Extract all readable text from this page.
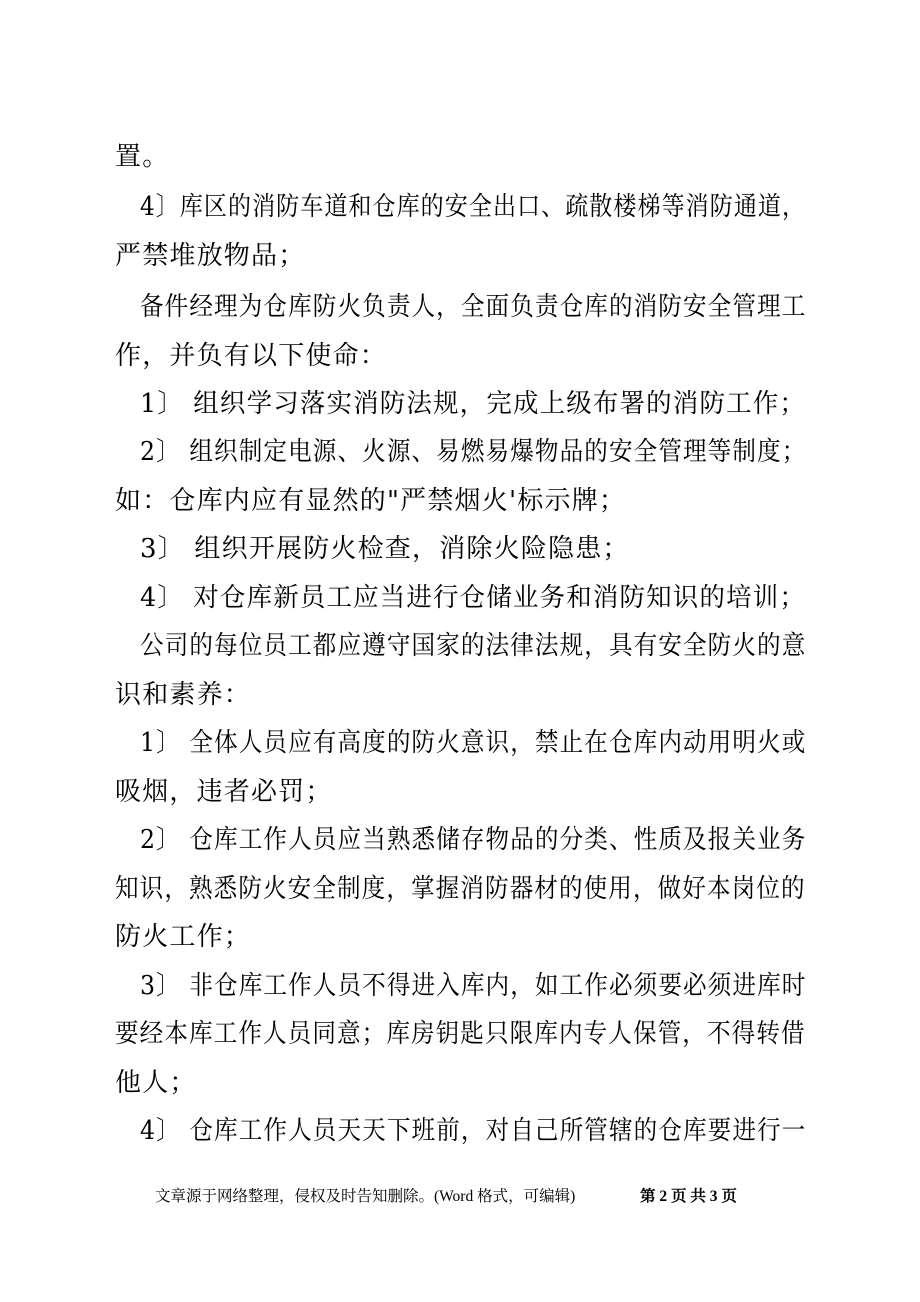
置。
4〕库区的消防车道和仓库的安全出口、疏散楼梯等消防通道，
严禁堆放物品；
备件经理为仓库防火负责人，全面负责仓库的消防安全管理工
作，并负有以下使命：
1〕 组织学习落实消防法规，完成上级布署的消防工作；
2〕 组织制定电源、火源、易燃易爆物品的安全管理等制度；
如：仓库内应有显然的"严禁烟火'标示牌；
3〕 组织开展防火检查，消除火险隐患；
4〕 对仓库新员工应当进行仓储业务和消防知识的培训；
公司的每位员工都应遵守国家的法律法规，具有安全防火的意
识和素养：
1〕 全体人员应有高度的防火意识，禁止在仓库内动用明火或
吸烟，违者必罚；
2〕 仓库工作人员应当熟悉储存物品的分类、性质及报关业务
知识，熟悉防火安全制度，掌握消防器材的使用，做好本岗位的
防火工作；
3〕 非仓库工作人员不得进入库内，如工作必须要必须进库时
要经本库工作人员同意；库房钥匙只限库内专人保管，不得转借
他人；
4〕 仓库工作人员天天下班前，对自己所管辖的仓库要进行一
文章源于网络整理，侵权及时告知删除。(Word 格式，可编辑)	第 2 页 共 3 页
